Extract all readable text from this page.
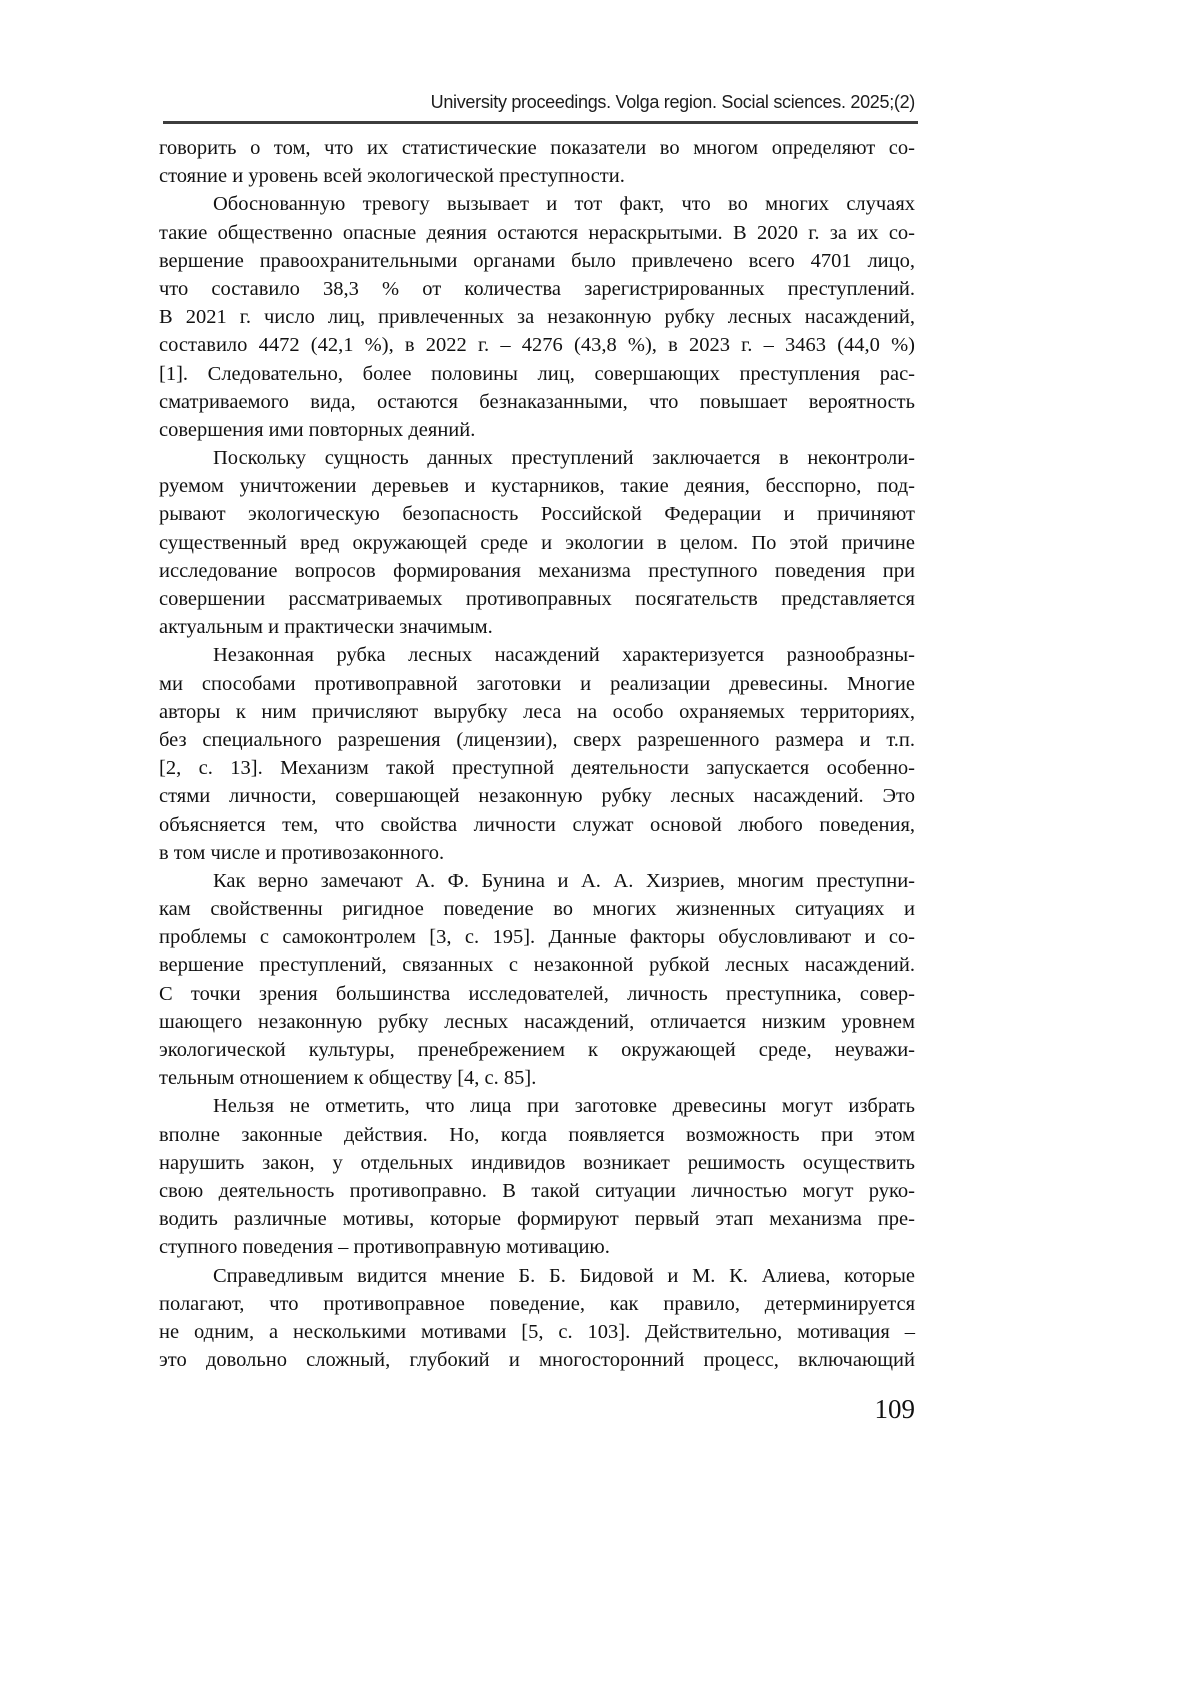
University proceedings. Volga region. Social sciences. 2025;(2)
говорить о том, что их статистические показатели во многом определяют со-
стояние и уровень всей экологической преступности.
Обоснованную тревогу вызывает и тот факт, что во многих случаях
такие общественно опасные деяния остаются нераскрытыми. В 2020 г. за их со-
вершение правоохранительными органами было привлечено всего 4701 лицо,
что составило 38,3 % от количества зарегистрированных преступлений.
В 2021 г. число лиц, привлеченных за незаконную рубку лесных насаждений,
составило 4472 (42,1 %), в 2022 г. – 4276 (43,8 %), в 2023 г. – 3463 (44,0 %)
[1]. Следовательно, более половины лиц, совершающих преступления рас-
сматриваемого вида, остаются безнаказанными, что повышает вероятность
совершения ими повторных деяний.
Поскольку сущность данных преступлений заключается в неконтроли-
руемом уничтожении деревьев и кустарников, такие деяния, бесспорно, под-
рывают экологическую безопасность Российской Федерации и причиняют
существенный вред окружающей среде и экологии в целом. По этой причине
исследование вопросов формирования механизма преступного поведения при
совершении рассматриваемых противоправных посягательств представляется
актуальным и практически значимым.
Незаконная рубка лесных насаждений характеризуется разнообразны-
ми способами противоправной заготовки и реализации древесины. Многие
авторы к ним причисляют вырубку леса на особо охраняемых территориях,
без специального разрешения (лицензии), сверх разрешенного размера и т.п.
[2, с. 13]. Механизм такой преступной деятельности запускается особенно-
стями личности, совершающей незаконную рубку лесных насаждений. Это
объясняется тем, что свойства личности служат основой любого поведения,
в том числе и противозаконного.
Как верно замечают А. Ф. Бунина и А. А. Хизриев, многим преступни-
кам свойственны ригидное поведение во многих жизненных ситуациях и
проблемы с самоконтролем [3, с. 195]. Данные факторы обусловливают и со-
вершение преступлений, связанных с незаконной рубкой лесных насаждений.
С точки зрения большинства исследователей, личность преступника, совер-
шающего незаконную рубку лесных насаждений, отличается низким уровнем
экологической культуры, пренебрежением к окружающей среде, неуважи-
тельным отношением к обществу [4, с. 85].
Нельзя не отметить, что лица при заготовке древесины могут избрать
вполне законные действия. Но, когда появляется возможность при этом
нарушить закон, у отдельных индивидов возникает решимость осуществить
свою деятельность противоправно. В такой ситуации личностью могут руко-
водить различные мотивы, которые формируют первый этап механизма пре-
ступного поведения – противоправную мотивацию.
Справедливым видится мнение Б. Б. Бидовой и М. К. Алиева, которые
полагают, что противоправное поведение, как правило, детерминируется
не одним, а несколькими мотивами [5, с. 103]. Действительно, мотивация –
это довольно сложный, глубокий и многосторонний процесс, включающий
109
